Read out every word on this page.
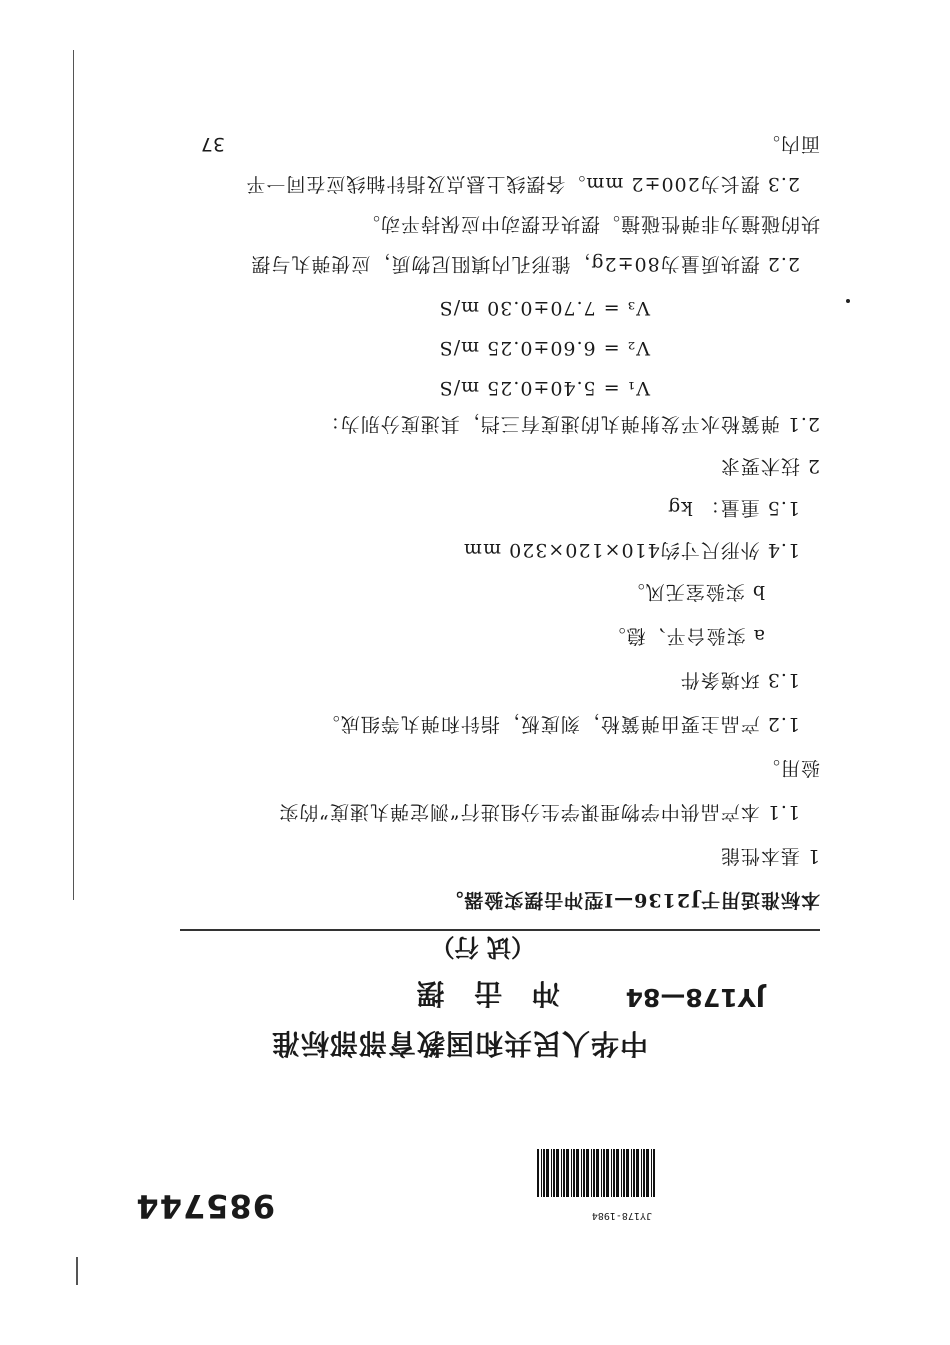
985744	JY178-1984
中华人民共和国教育部部标准
冲 击 摆	JY178—84
（试 行）
本标准适用于J2136—Ⅰ型冲击摆实验器。
1 基本性能
1.1 本产品供中学物理课学生分组进行“测定弹丸速度”的实
验用。
1.2 产品主要由弹簧枪，刻度板，指针和弹丸等组成。
1.3 环境条件
a 实验台平、稳。
b 实验室无风。
1.4 外形尺寸约410×120×320 mm
1.5 重量： kg
2 技术要求
2.1 弹簧枪水平发射弹丸的速度有三挡，其速度分别为：
V₁ = 5.40±0.25 m/S
V₂ = 6.60±0.25 m/S
V₃ = 7.70±0.30 m/S
2.2 摆块质量为80±2g，锥形孔内填阻尼物质，应使弹丸与摆
块的碰撞为非弹性碰撞。摆块在摆动中应保持平动。
2.3 摆长为200±2 mm。各摆线上悬点及指针轴线应在同一平
面内。
37
